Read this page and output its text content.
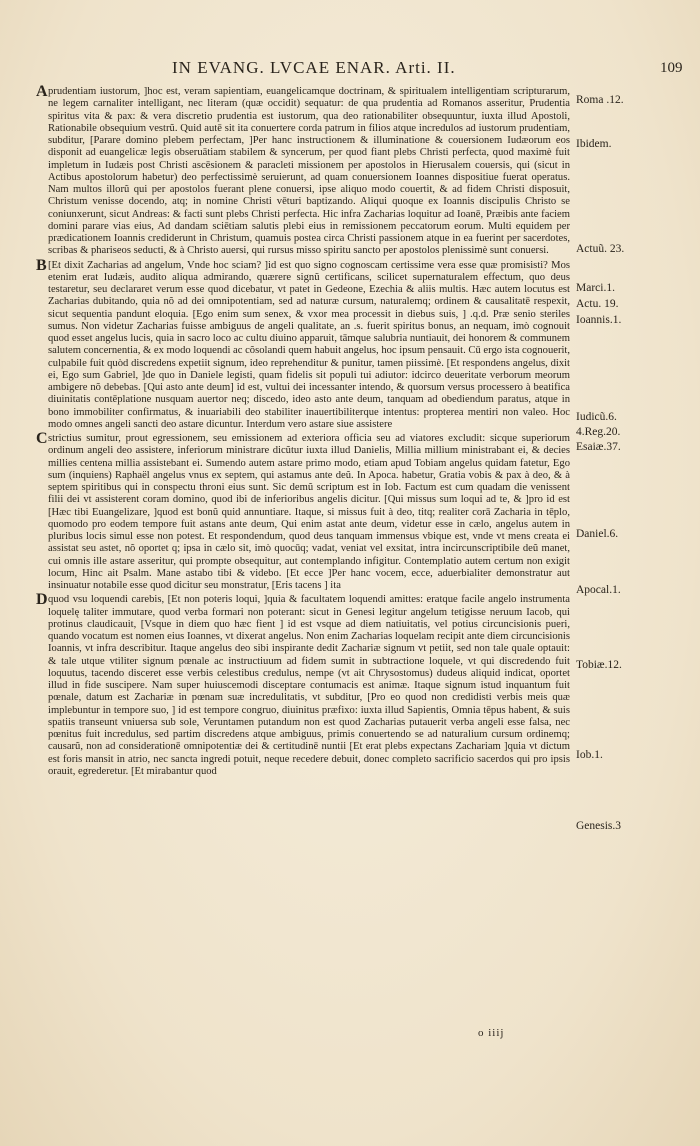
IN EVANG. LVCAE ENAR. Arti. II.	109

A prudentiam iustorum, ]hoc est, veram sapientiam, euangelicamque doctrinam, & spiritualem intelligentiam scripturarum, ne legem carnaliter intelligant, nec literam (quæ occidit) sequatur: de qua prudentia ad Romanos asseritur, Prudentia spiritus vita & pax: & vera discretio prudentia est iustorum, qua deo rationabiliter obsequuntur, iuxta illud Apostoli, Rationabile obsequium vestrũ. Quid autē sit ita conuertere corda patrum in filios atque incredulos ad iustorum prudentiam, subditur, [Parare domino plebem perfectam, ]Per hanc instructionem & illuminatione & couersionem Iudæorum eos disponit ad euangelicæ legis obseruātiam stabilem & syncerum, per quod fiant plebs Christi perfecta, quod maximè fuit impletum in Iudæis post Christi ascēsionem & paracleti missionem per apostolos in Hierusalem couersis, qui (sicut in Actibus apostolorum habetur) deo perfectissimè seruierunt, ad quam conuersionem Ioannes dispositiue fuerat operatus. Nam multos illorũ qui per apostolos fuerant plene conuersi, ipse aliquo modo couertit, & ad fidem Christi disposuit, Christum venisse docendo, atq; in nomine Christi vēturi baptizando. Aliqui quoque ex Ioannis discipulis Christo se coniunxerunt, sicut Andreas: & facti sunt plebs Christi perfecta. Hic infra Zacharias loquitur ad Ioanē, Præibis ante faciem domini parare vias eius, Ad dandam sciētiam salutis plebi eius in remissionem peccatorum eorum. Multi equidem per prædicationem Ioannis crediderunt in Christum, quamuis postea circa Christi passionem atque in ea fuerint per sacerdotes, scribas & phariseos seducti, & à Christo auersi, qui rursus misso spiritu sancto per apostolos plenissimè sunt conuersi.

B [Et dixit Zacharias ad angelum, Vnde hoc sciam? ]id est quo signo cognoscam certissime vera esse quæ promisisti? Mos etenim erat Iudæis, audito aliqua admirando, quærere signũ certificans, scilicet supernaturalem effectum, quo deus testaretur, seu declararet verum esse quod dicebatur, vt patet in Gedeone, Ezechia & aliis multis. Hæc autem locutus est Zacharias dubitando, quia nõ ad dei omnipotentiam, sed ad naturæ cursum, naturalemq; ordinem & causalitatē respexit, sicut sequentia pandunt eloquia. [Ego enim sum senex, & vxor mea processit in diebus suis, ] .q.d. Præ senio steriles sumus. Non videtur Zacharias fuisse ambiguus de angeli qualitate, an .s. fuerit spiritus bonus, an nequam, imò cognouit quod esset angelus lucis, quia in sacro loco ac cultu diuino apparuit, tāmque salubria nuntiauit, dei honorem & communem salutem concernentia, & ex modo loquendi ac cõsolandi quem habuit angelus, hoc ipsum pensauit. Cū ergo ista cognouerit, culpabile fuit quòd discredens expetiit signum, ideo reprehenditur & punitur, tamen piissimè. [Et respondens angelus, dixit ei, Ego sum Gabriel, ]de quo in Daniele legisti, quam fidelis sit populi tui adiutor: idcirco deueritate verborum meorum ambigere nõ debebas. [Qui asto ante deum] id est, vultui dei incessanter intendo, & quorsum versus processero à beatifica diuinitatis contēplatione nusquam auertor neq; discedo, ideo asto ante deum, tanquam ad obediendum paratus, atque in bono immobiliter confirmatus, & inuariabili deo stabiliter inauertibiliterque intentus: propterea mentiri non valeo. Hoc modo omnes angeli sancti deo astare dicuntur. Interdum vero astare siue assistere

C strictius sumitur, prout egressionem, seu emissionem ad exteriora officia seu ad viatores excludit: sicque superiorum ordinum angeli deo assistere, inferiorum ministrare dicũtur iuxta illud Danielis, Millia millium ministrabant ei, & decies millies centena millia assistebant ei. Sumendo autem astare primo modo, etiam apud Tobiam angelus quidam fatetur, Ego sum (inquiens) Raphaël angelus vnus ex septem, qui astamus ante deũ. In Apoca. habetur, Gratia vobis & pax à deo, & à septem spiritibus qui in conspectu throni eius sunt. Sic demũ scriptum est in Iob. Factum est cum quadam die venissent filii dei vt assisterent coram domino, quod ibi de inferioribus angelis dicitur. [Qui missus sum loqui ad te, & ]pro id est [Hæc tibi Euangelizare, ]quod est bonũ quid annuntiare. Itaque, si missus fuit à deo, titq; realiter corā Zacharia in tēplo, quomodo pro eodem tempore fuit astans ante deum, Qui enim astat ante deum, videtur esse in cælo, angelus autem in pluribus locis simul esse non potest. Et respondendum, quod deus tanquam immensus vbique est, vnde vt mens creata ei assistat seu astet, nõ oportet q; ipsa in cælo sit, imò quocūq; vadat, veniat vel exsitat, intra incircunscriptibile deũ manet, cui omnis ille astare asseritur, qui prompte obsequitur, aut contemplando infigitur. Contemplatio autem certum non exigit locum, Hinc ait Psalm. Mane astabo tibi & videbo. [Et ecce ]Per hanc vocem, ecce, aduerbialiter demonstratur aut insinuatur notabile esse quod dicitur seu monstratur, [Eris tacens ] ita

D quod vsu loquendi carebis, [Et non poteris loqui, ]quia & facultatem loquendi amittes: eratque facile angelo instrumenta loquelę taliter immutare, quod verba formari non poterant: sicut in Genesi legitur angelum tetigisse neruum Iacob, qui protinus claudicauit, [Vsque in diem quo hæc fient ] id est vsque ad diem natiuitatis, vel potius circuncisionis pueri, quando vocatum est nomen eius Ioannes, vt dixerat angelus. Non enim Zacharias loquelam recipit ante diem circuncisionis Ioannis, vt infra describitur. Itaque angelus deo sibi inspirante dedit Zachariæ signum vt petiit, sed non tale quale optauit: & tale utque vtiliter signum pœnale ac instructiuum ad fidem sumit in subtractione loquele, vt qui discredendo fuit loquutus, tacendo disceret esse verbis celestibus credulus, nempe (vt ait Chrysostomus) dudeus aliquid indicat, oportet illud in fide suscipere. Nam super huiuscemodi disceptare contumacis est animæ. Itaque signum istud inquantum fuit pœnale, datum est Zachariæ in pœnam suæ incredulitatis, vt subditur, [Pro eo quod non credidisti verbis meis quæ implebuntur in tempore suo, ] id est tempore congruo, diuinitus præfixo: iuxta illud Sapientis, Omnia tēpus habent, & suis spatiis transeunt vniuersa sub sole, Veruntamen putandum non est quod Zacharias putauerit verba angeli esse falsa, nec pœnitus fuit incredulus, sed partim discredens atque ambiguus, primis conuertendo se ad naturalium cursum ordinemq; causarũ, non ad considerationē omnipotentiæ dei & certitudinē nuntii [Et erat plebs expectans Zachariam ]quia vt dictum est foris mansit in atrio, nec sancta ingredi potuit, neque recedere debuit, donec completo sacrificio sacerdos qui pro ipsis orauit, egrederetur. [Et mirabantur quod

Roma .12.
Ibidem.
Marci.1.
Actuũ. 23.
Actu. 19.
Ioannis.1.
Iudicũ.6.
4.Reg.20.
Esaiæ.37.
Daniel.6.
Apocal.1.
Tobiæ.12.
Iob.1.
Genesis.3
o iiij
